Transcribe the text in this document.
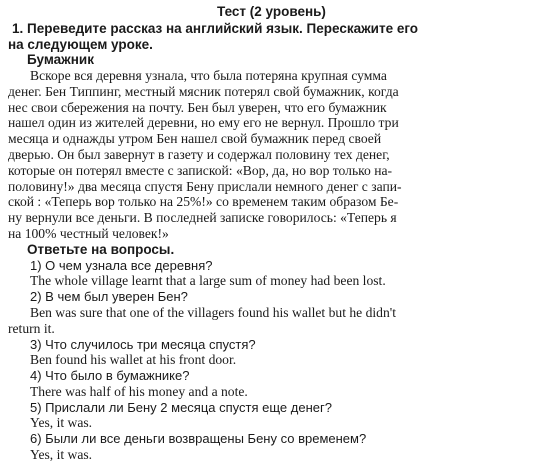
Тест (2 уровень)
1. Переведите рассказ на английский язык. Перескажите его
на следующем уроке.
Бумажник
Вскоре вся деревня узнала, что была потеряна крупная сумма
денег. Бен Типпинг, местный мясник потерял свой бумажник, когда
нес свои сбережения на почту. Бен был уверен, что его бумажник
нашел один из жителей деревни, но ему его не вернул. Прошло три
месяца и однажды утром Бен нашел свой бумажник перед своей
дверью. Он был завернут в газету и содержал половину тех денег,
которые он потерял вместе с запиской: «Вор, да, но вор только на-
половину!» два месяца спустя Бену прислали немного денег с запи-
ской : «Теперь вор только на 25%!» со временем таким образом Бе-
ну вернули все деньги. В последней записке говорилось: «Теперь я
на 100% честный человек!»
Ответьте на вопросы.
1) О чем узнала все деревня?
The whole village learnt that a large sum of money had been lost.
2) В чем был уверен Бен?
Ben was sure that one of the villagers found his wallet but he didn't
return it.
3) Что случилось три месяца спустя?
Ben found his wallet at his front door.
4) Что было в бумажнике?
There was half of his money and a note.
5) Прислали ли Бену 2 месяца спустя еще денег?
Yes, it was.
6) Были ли все деньги возвращены Бену со временем?
Yes, it was.
